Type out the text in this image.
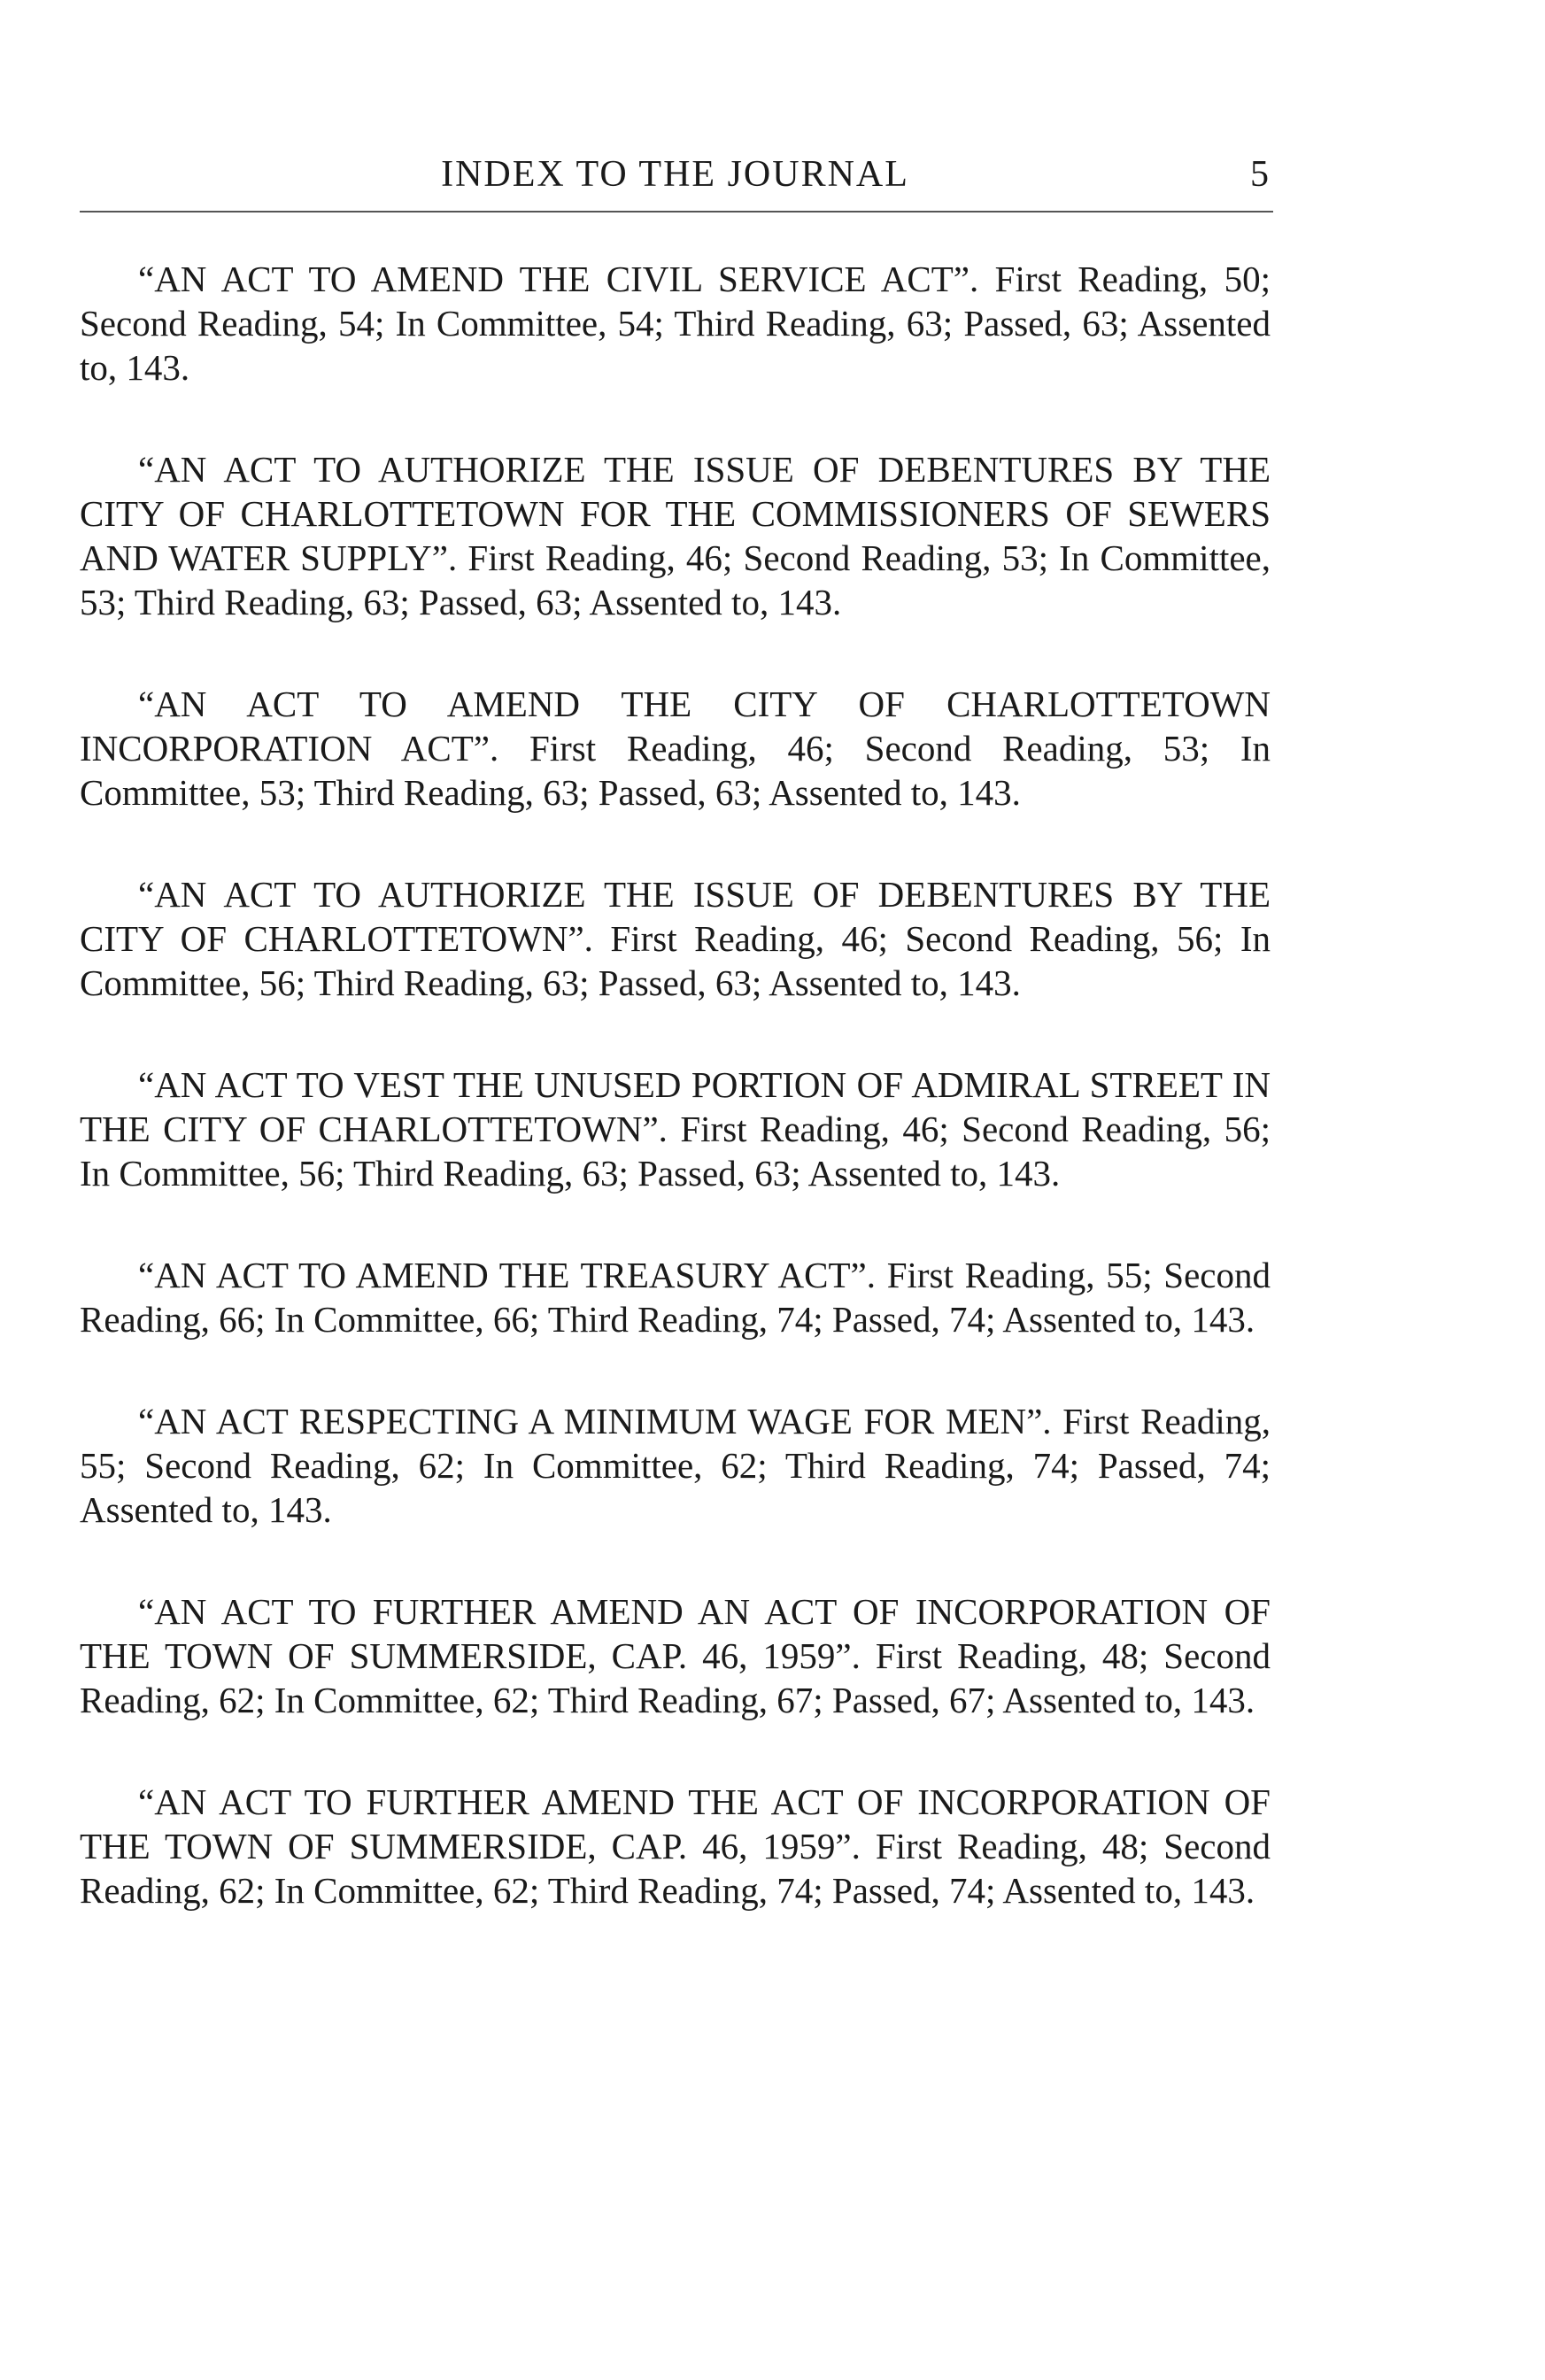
INDEX TO THE JOURNAL	5

“AN ACT TO AMEND THE CIVIL SERVICE ACT”. First Reading, 50; Second Reading, 54; In Committee, 54; Third Reading, 63; Passed, 63; Assented to, 143.

“AN ACT TO AUTHORIZE THE ISSUE OF DEBENTURES BY THE CITY OF CHARLOTTETOWN FOR THE COMMISSIONERS OF SEWERS AND WATER SUPPLY”. First Reading, 46; Second Reading, 53; In Committee, 53; Third Reading, 63; Passed, 63; Assented to, 143.

“AN ACT TO AMEND THE CITY OF CHARLOTTETOWN INCORPORATION ACT”. First Reading, 46; Second Reading, 53; In Committee, 53; Third Reading, 63; Passed, 63; Assented to, 143.

“AN ACT TO AUTHORIZE THE ISSUE OF DEBENTURES BY THE CITY OF CHARLOTTETOWN”. First Reading, 46; Second Reading, 56; In Committee, 56; Third Reading, 63; Passed, 63; Assented to, 143.

“AN ACT TO VEST THE UNUSED PORTION OF ADMIRAL STREET IN THE CITY OF CHARLOTTETOWN”. First Reading, 46; Second Reading, 56; In Committee, 56; Third Reading, 63; Passed, 63; Assented to, 143.

“AN ACT TO AMEND THE TREASURY ACT”. First Reading, 55; Second Reading, 66; In Committee, 66; Third Reading, 74; Passed, 74; Assented to, 143.

“AN ACT RESPECTING A MINIMUM WAGE FOR MEN”. First Reading, 55; Second Reading, 62; In Committee, 62; Third Reading, 74; Passed, 74; Assented to, 143.

“AN ACT TO FURTHER AMEND AN ACT OF INCORPORATION OF THE TOWN OF SUMMERSIDE, CAP. 46, 1959”. First Reading, 48; Second Reading, 62; In Committee, 62; Third Reading, 67; Passed, 67; Assented to, 143.

“AN ACT TO FURTHER AMEND THE ACT OF INCORPORATION OF THE TOWN OF SUMMERSIDE, CAP. 46, 1959”. First Reading, 48; Second Reading, 62; In Committee, 62; Third Reading, 74; Passed, 74; Assented to, 143.
